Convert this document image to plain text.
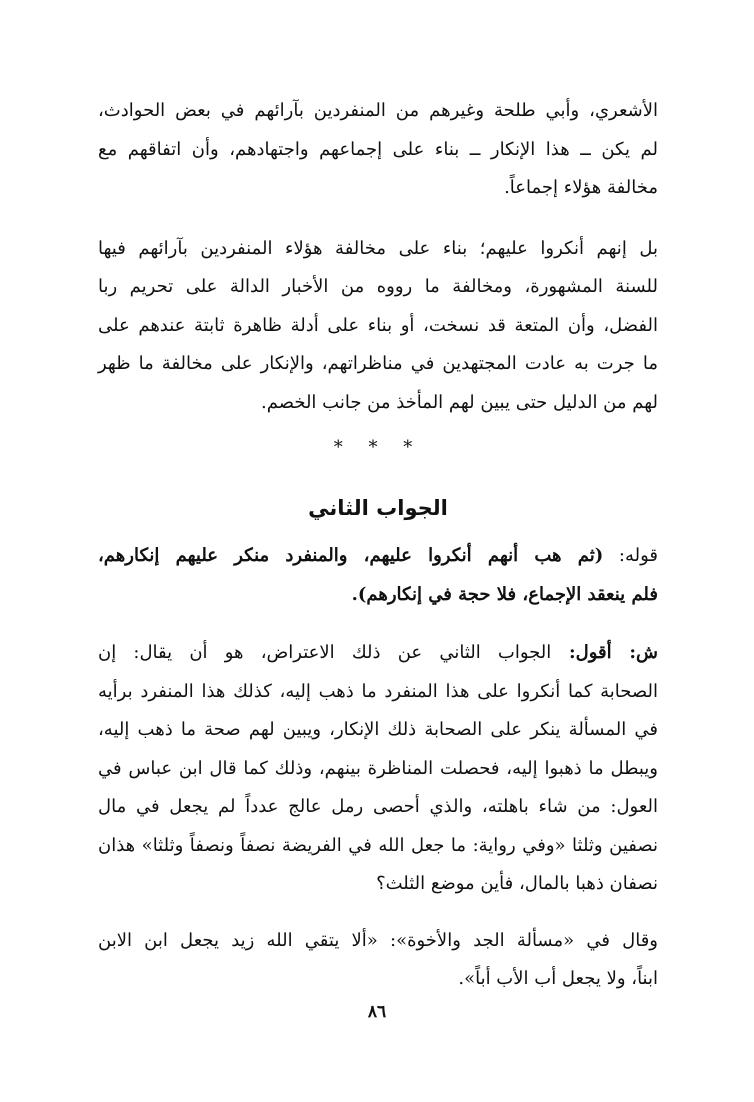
الأشعري، وأبي طلحة وغيرهم من المنفردين بآرائهم في بعض الحوادث،
لم يكن ــ هذا الإنكار ــ بناء على إجماعهم واجتهادهم، وأن اتفاقهم مع
مخالفة هؤلاء إجماعاً.

بل إنهم أنكروا عليهم؛ بناء على مخالفة هؤلاء المنفردين بآرائهم فيها
للسنة المشهورة، ومخالفة ما رووه من الأخبار الدالة على تحريم ربا
الفضل، وأن المتعة قد نسخت، أو بناء على أدلة ظاهرة ثابتة عندهم على
ما جرت به عادت المجتهدين في مناظراتهم، والإنكار على مخالفة ما ظهر
لهم من الدليل حتى يبين لهم المأخذ من جانب الخصم.

* * *
الجواب الثاني

قوله: (ثم هب أنهم أنكروا عليهم، والمنفرد منكر عليهم إنكارهم،
فلم ينعقد الإجماع، فلا حجة في إنكارهم).

ش: أقول: الجواب الثاني عن ذلك الاعتراض، هو أن يقال: إن
الصحابة كما أنكروا على هذا المنفرد ما ذهب إليه، كذلك هذا المنفرد برأيه
في المسألة ينكر على الصحابة ذلك الإنكار، ويبين لهم صحة ما ذهب إليه،
ويبطل ما ذهبوا إليه، فحصلت المناظرة بينهم، وذلك كما قال ابن عباس في
العول: من شاء باهلته، والذي أحصى رمل عالج عدداً لم يجعل في مال
نصفين وثلثا «وفي رواية: ما جعل الله في الفريضة نصفاً ونصفاً وثلثا» هذان
نصفان ذهبا بالمال، فأين موضع الثلث؟

وقال في «مسألة الجد والأخوة»: «ألا يتقي الله زيد يجعل ابن الابن
ابناً، ولا يجعل أب الأب أباً».

٨٦
